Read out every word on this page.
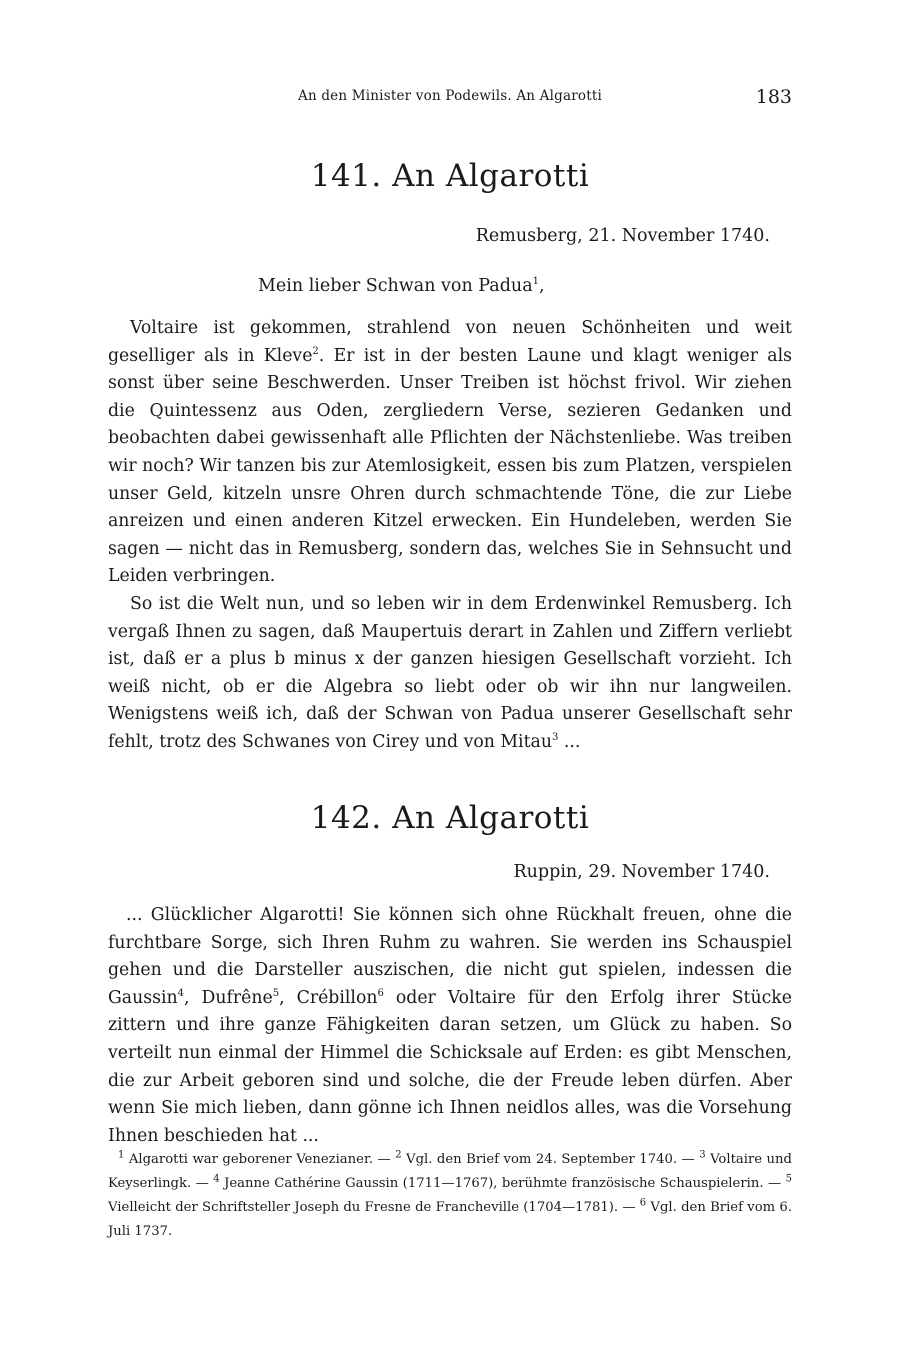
An den Minister von Podewils. An Algarotti	183
141. An Algarotti
Remusberg, 21. November 1740.
Mein lieber Schwan von Padua$^1$,

Voltaire ist gekommen, strahlend von neuen Schönheiten und weit geselliger als in Kleve$^2$. Er ist in der besten Laune und klagt weniger als sonst über seine Beschwerden. Unser Treiben ist höchst frivol. Wir ziehen die Quintessenz aus Oden, zergliedern Verse, sezieren Gedanken und beobachten dabei gewissenhaft alle Pflichten der Nächstenliebe. Was treiben wir noch? Wir tanzen bis zur Atemlosigkeit, essen bis zum Platzen, verspielen unser Geld, kitzeln unsre Ohren durch schmachtende Töne, die zur Liebe anreizen und einen anderen Kitzel erwecken. Ein Hundeleben, werden Sie sagen — nicht das in Remusberg, sondern das, welches Sie in Sehnsucht und Leiden verbringen.

So ist die Welt nun, und so leben wir in dem Erdenwinkel Remusberg. Ich vergaß Ihnen zu sagen, daß Maupertuis derart in Zahlen und Ziffern verliebt ist, daß er a plus b minus x der ganzen hiesigen Gesellschaft vorzieht. Ich weiß nicht, ob er die Algebra so liebt oder ob wir ihn nur langweilen. Wenigstens weiß ich, daß der Schwan von Padua unserer Gesellschaft sehr fehlt, trotz des Schwanes von Cirey und von Mitau$^3$ ...

142. An Algarotti
Ruppin, 29. November 1740.

... Glücklicher Algarotti! Sie können sich ohne Rückhalt freuen, ohne die furchtbare Sorge, sich Ihren Ruhm zu wahren. Sie werden ins Schauspiel gehen und die Darsteller auszischen, die nicht gut spielen, indessen die Gaussin$^4$, Dufrêne$^5$, Crébillon$^6$ oder Voltaire für den Erfolg ihrer Stücke zittern und ihre ganze Fähigkeiten daran setzen, um Glück zu haben. So verteilt nun einmal der Himmel die Schicksale auf Erden: es gibt Menschen, die zur Arbeit geboren sind und solche, die der Freude leben dürfen. Aber wenn Sie mich lieben, dann gönne ich Ihnen neidlos alles, was die Vorsehung Ihnen beschieden hat ...

$^1$ Algarotti war geborener Venezianer. — $^2$ Vgl. den Brief vom 24. September 1740. — $^3$ Voltaire und Keyserlingk. — $^4$ Jeanne Cathérine Gaussin (1711—1767), berühmte französische Schauspielerin. — $^5$ Vielleicht der Schriftsteller Joseph du Fresne de Francheville (1704—1781). — $^6$ Vgl. den Brief vom 6. Juli 1737.
